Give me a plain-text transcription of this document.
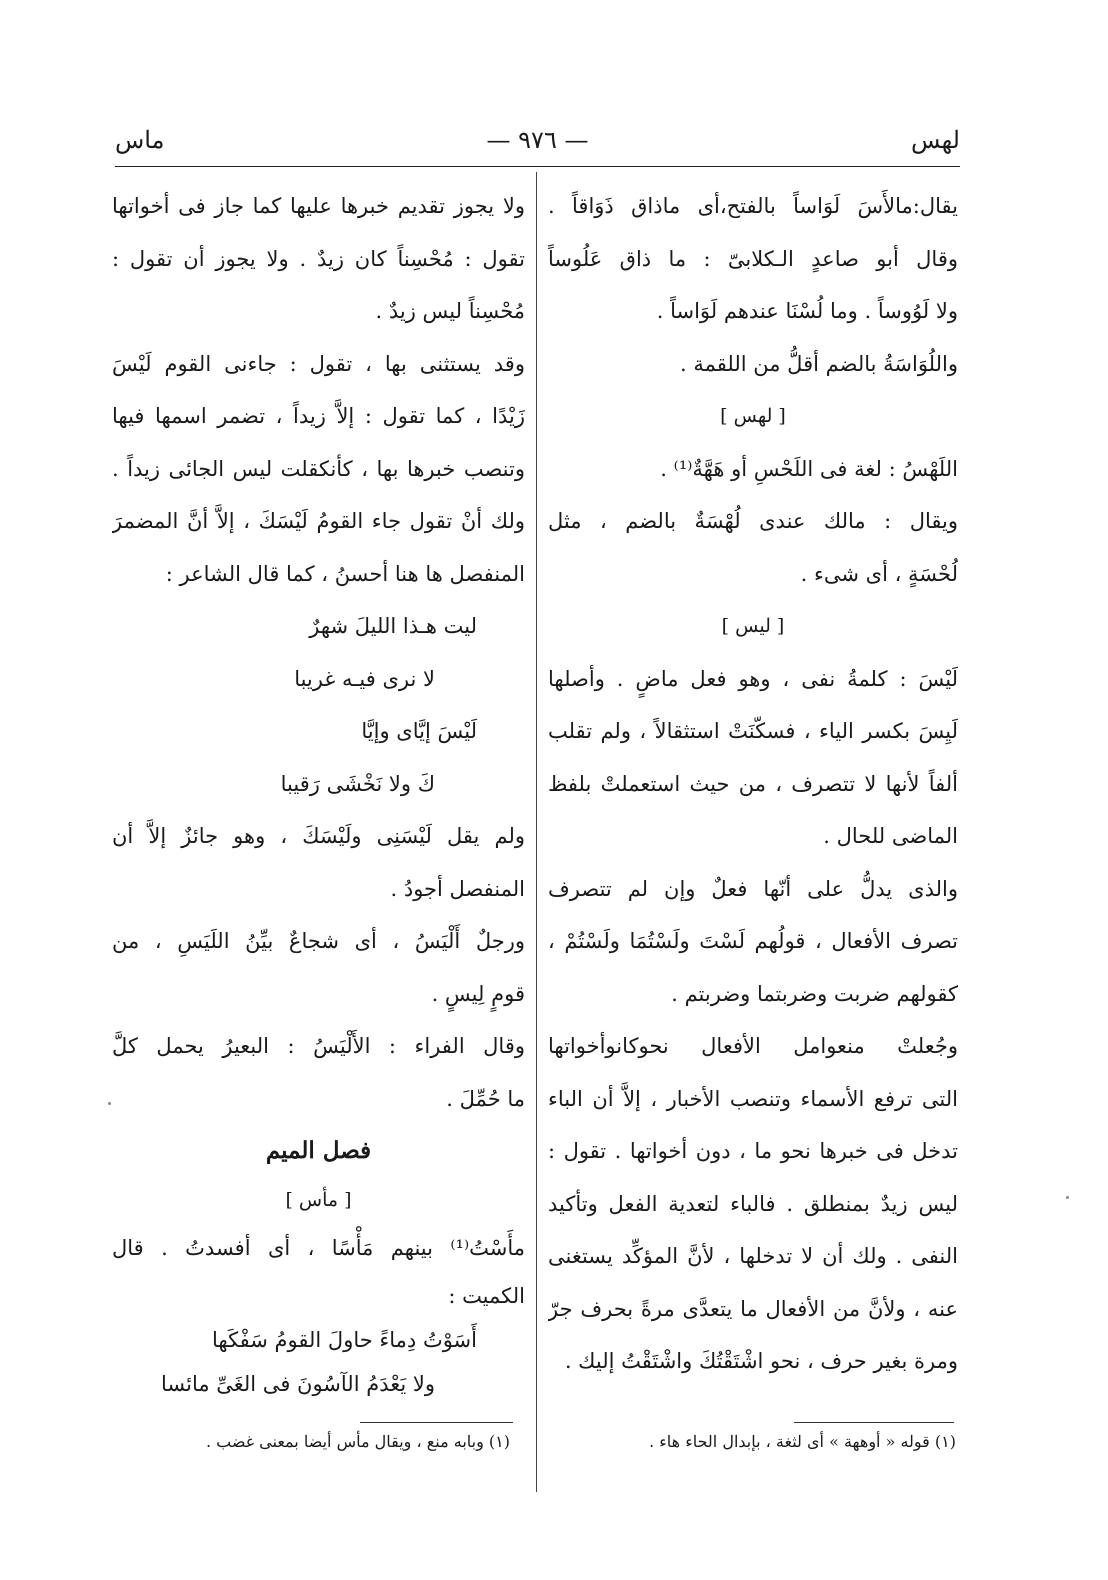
ماس	— ٩٧٦ —	لهس
يقال:مالأَسَ لَوَاساً بالفتح،أى ماذاق ذَوَاقاً .
وقال أبو صاعدٍ الـكلابىّ : ما ذاق عَلُوساً
ولا لَوُوساً . وما لُسْنَا عندهم لَوَاساً .
واللُوَاسَةُ بالضم أقلُّ من اللقمة .
[ لهس ]
اللَهْسُ : لغة فى اللَحْسِ أو هَهَّةٌ⁽¹⁾ .
ويقال : مالك عندى لُهْسَةٌ بالضم ، مثل
لُحْسَةٍ ، أى شىء .
[ ليس ]
لَيْسَ : كلمةُ نفى ، وهو فعل ماضٍ . وأصلها
لَيِسَ بكسر الياء ، فسكّنَتْ استثقالاً ، ولم تقلب
ألفاً لأنها لا تتصرف ، من حيث استعملتْ بلفظ
الماضى للحال .
والذى يدلُّ على أنّها فعلٌ وإن لم تتصرف
تصرف الأفعال ، قولُهم لَسْتَ ولَسْتُمَا ولَسْتُمْ ،
كقولهم ضربت وضربتما وضربتم .
وجُعلتْ منعوامل الأفعال نحوكانوأخواتها
التى ترفع الأسماء وتنصب الأخبار ، إلاَّ أن الباء
تدخل فى خبرها نحو ما ، دون أخواتها . تقول :
ليس زيدٌ بمنطلق . فالباء لتعدية الفعل وتأكيد
النفى . ولك أن لا تدخلها ، لأنَّ المؤكِّد يستغنى
عنه ، ولأنَّ من الأفعال ما يتعدَّى مرةً بحرف جرّ
ومرة بغير حرف ، نحو اشْتَقْتُكَ واشْتَقْتُ إليك .
ولا يجوز تقديم خبرها عليها كما جاز فى أخواتها
تقول : مُحْسِناً كان زيدٌ . ولا يجوز أن تقول :
مُحْسِناً ليس زيدٌ .
وقد يستثنى بها ، تقول : جاءنى القوم لَيْسَ
زَيْدًا ، كما تقول : إلاَّ زيداً ، تضمر اسمها فيها
وتنصب خبرها بها ، كأنكقلت ليس الجائى زيداً .
ولك أنْ تقول جاء القومُ لَيْسَكَ ، إلاَّ أنَّ المضمرَ
المنفصل ها هنا أحسنُ ، كما قال الشاعر :
ليت هـذا الليلَ شهرٌ
لا نرى فيـه غريبا
لَيْسَ إيَّاى وإيَّا
كَ ولا نَخْشَى رَقيبا
ولم يقل لَيْسَنِى ولَيْسَكَ ، وهو جائزٌ إلاَّ أن
المنفصل أجودُ .
ورجلٌ أَلْيَسُ ، أى شجاعٌ بيِّنُ اللَيَسِ ، من
قومٍ لِيسٍ .
وقال الفراء : الأَلْيَسُ : البعيرُ يحمل كلَّ
ما حُمِّلَ .
فصل الميم
[ مأس ]
مأَسْتُ⁽¹⁾ بينهم مَأْسًا ، أى أفسدتُ . قال
الكميت :
أَسَوْتُ دِماءً حاولَ القومُ سَفْكَها
ولا يَعْدَمُ الآسُونَ فى الغَىِّ مائسا
(١) قوله « أوههة » أى لثغة ، بإبدال الحاء هاء .
(١) وبابه منع ، ويقال مأس أيضا بمعنى غضب .
